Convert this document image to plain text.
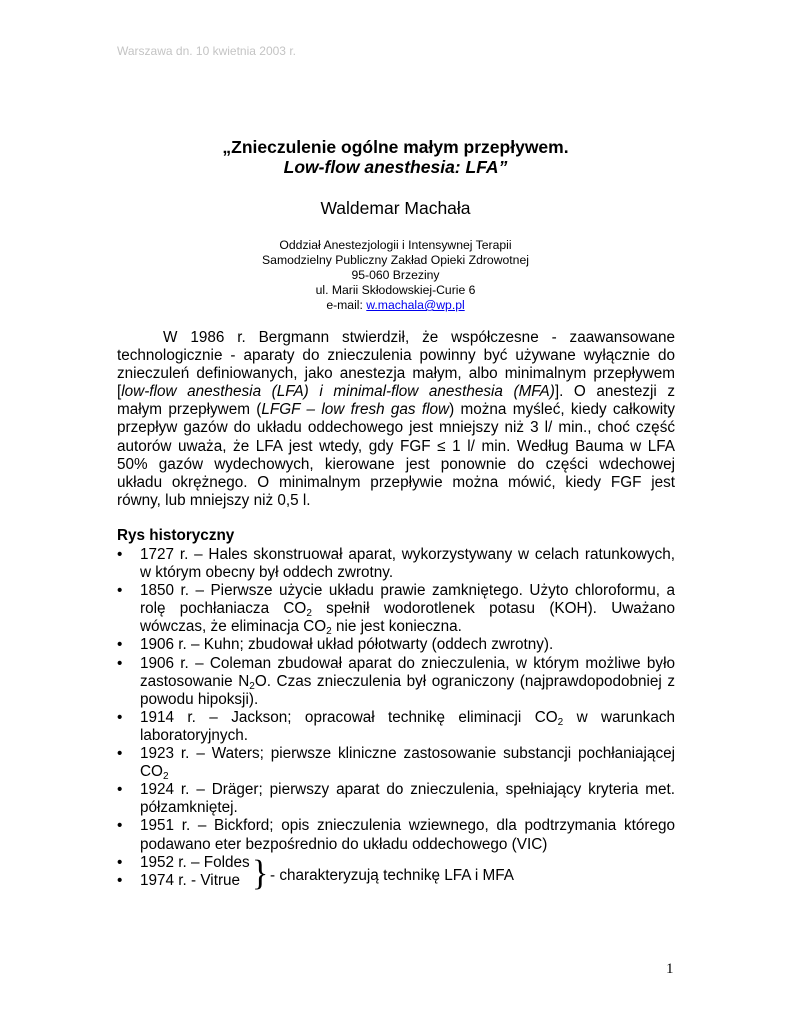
Warszawa dn. 10 kwietnia 2003 r.
„Znieczulenie ogólne małym przepływem.
Low-flow anesthesia: LFA”
Waldemar Machała
Oddział Anestezjologii i Intensywnej Terapii
Samodzielny Publiczny Zakład Opieki Zdrowotnej
95-060 Brzeziny
ul. Marii Skłodowskiej-Curie 6
e-mail: w.machala@wp.pl
W 1986 r. Bergmann stwierdził, że współczesne - zaawansowane
technologicznie - aparaty do znieczulenia powinny być używane wyłącznie do
znieczuleń definiowanych, jako anestezja małym, albo minimalnym przepływem
[low-flow anesthesia (LFA) i minimal-flow anesthesia (MFA)]. O anestezji z
małym przepływem (LFGF – low fresh gas flow) można myśleć, kiedy całkowity
przepływ gazów do układu oddechowego jest mniejszy niż 3 l/ min., choć część
autorów uważa, że LFA jest wtedy, gdy FGF ≤ 1 l/ min. Według Bauma w LFA
50% gazów wydechowych, kierowane jest ponownie do części wdechowej
układu okrężnego. O minimalnym przepływie można mówić, kiedy FGF jest
równy, lub mniejszy niż 0,5 l.
Rys historyczny
• 1727 r. – Hales skonstruował aparat, wykorzystywany w celach ratunkowych,
w którym obecny był oddech zwrotny.
• 1850 r. – Pierwsze użycie układu prawie zamkniętego. Użyto chloroformu, a
rolę pochłaniacza $CO_2$ spełnił wodorotlenek potasu (KOH). Uważano
wówczas, że eliminacja $CO_2$ nie jest konieczna.
• 1906 r. – Kuhn; zbudował układ półotwarty (oddech zwrotny).
• 1906 r. – Coleman zbudował aparat do znieczulenia, w którym możliwe było
zastosowanie $N_2O$. Czas znieczulenia był ograniczony (najprawdopodobniej z
powodu hipoksji).
• 1914 r. – Jackson; opracował technikę eliminacji $CO_2$ w warunkach
laboratoryjnych.
• 1923 r. – Waters; pierwsze kliniczne zastosowanie substancji pochłaniającej
$CO_2$
• 1924 r. – Dräger; pierwszy aparat do znieczulenia, spełniający kryteria met.
półzamkniętej.
• 1951 r. – Bickford; opis znieczulenia wziewnego, dla podtrzymania którego
podawano eter bezpośrednio do układu oddechowego (VIC)
• 1952 r. – Foldes
• 1974 r. - Vitrue } - charakteryzują technikę LFA i MFA
1
